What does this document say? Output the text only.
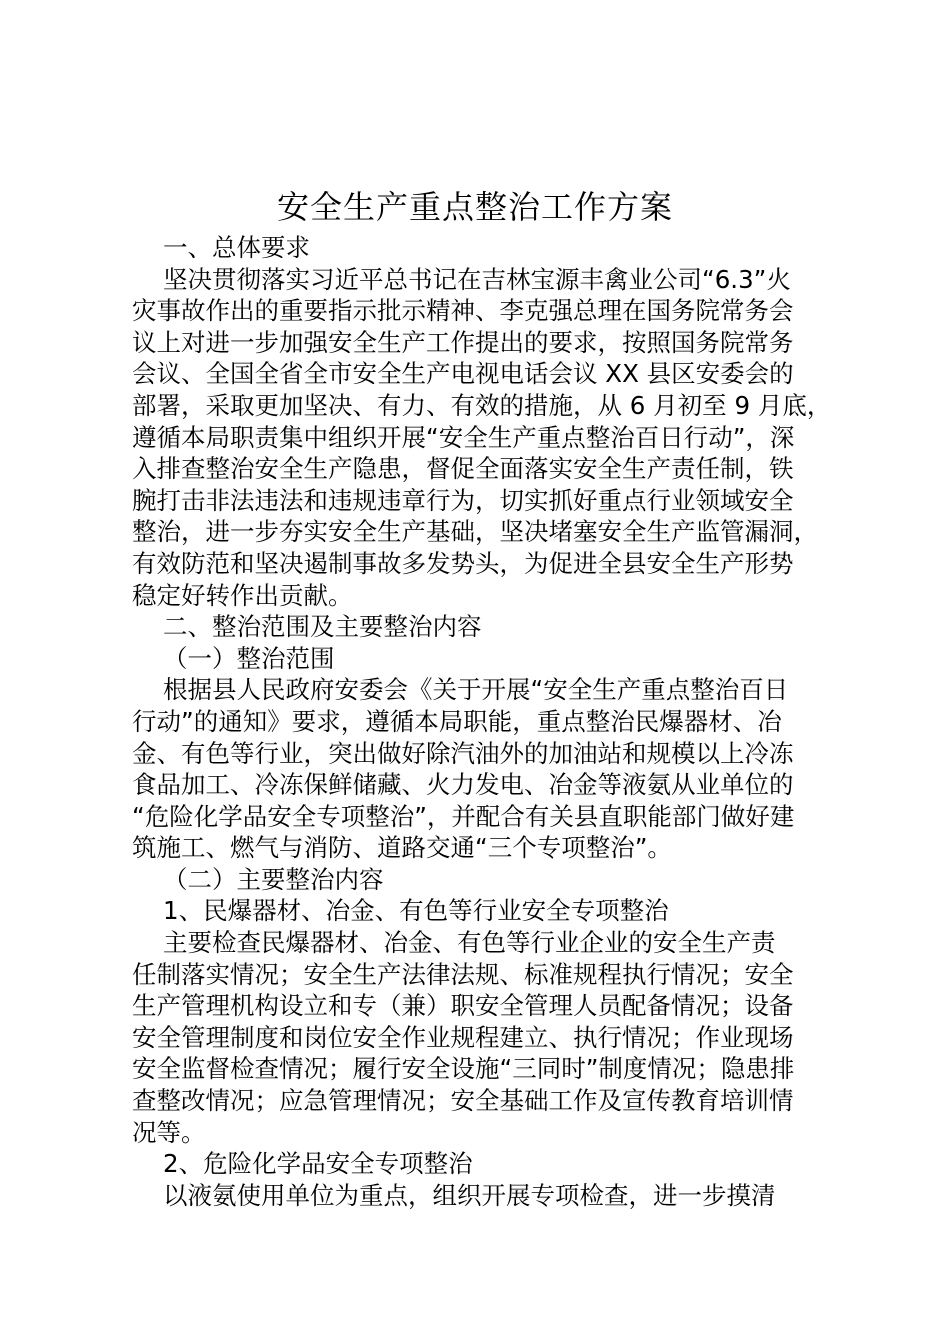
安全生产重点整治工作方案
一、总体要求
坚决贯彻落实习近平总书记在吉林宝源丰禽业公司“6.3”火
灾事故作出的重要指示批示精神、李克强总理在国务院常务会
议上对进一步加强安全生产工作提出的要求，按照国务院常务
会议、全国全省全市安全生产电视电话会议 XX 县区安委会的
部署，采取更加坚决、有力、有效的措施，从 6 月初至 9 月底，
遵循本局职责集中组织开展“安全生产重点整治百日行动”，深
入排查整治安全生产隐患，督促全面落实安全生产责任制，铁
腕打击非法违法和违规违章行为，切实抓好重点行业领域安全
整治，进一步夯实安全生产基础，坚决堵塞安全生产监管漏洞，
有效防范和坚决遏制事故多发势头，为促进全县安全生产形势
稳定好转作出贡献。
二、整治范围及主要整治内容
（一）整治范围
根据县人民政府安委会《关于开展“安全生产重点整治百日
行动”的通知》要求，遵循本局职能，重点整治民爆器材、冶
金、有色等行业，突出做好除汽油外的加油站和规模以上冷冻
食品加工、冷冻保鲜储藏、火力发电、冶金等液氨从业单位的
“危险化学品安全专项整治”，并配合有关县直职能部门做好建
筑施工、燃气与消防、道路交通“三个专项整治”。
（二）主要整治内容
1、民爆器材、冶金、有色等行业安全专项整治
主要检查民爆器材、冶金、有色等行业企业的安全生产责
任制落实情况；安全生产法律法规、标准规程执行情况；安全
生产管理机构设立和专（兼）职安全管理人员配备情况；设备
安全管理制度和岗位安全作业规程建立、执行情况；作业现场
安全监督检查情况；履行安全设施“三同时”制度情况；隐患排
查整改情况；应急管理情况；安全基础工作及宣传教育培训情
况等。
2、危险化学品安全专项整治
以液氨使用单位为重点，组织开展专项检查，进一步摸清
